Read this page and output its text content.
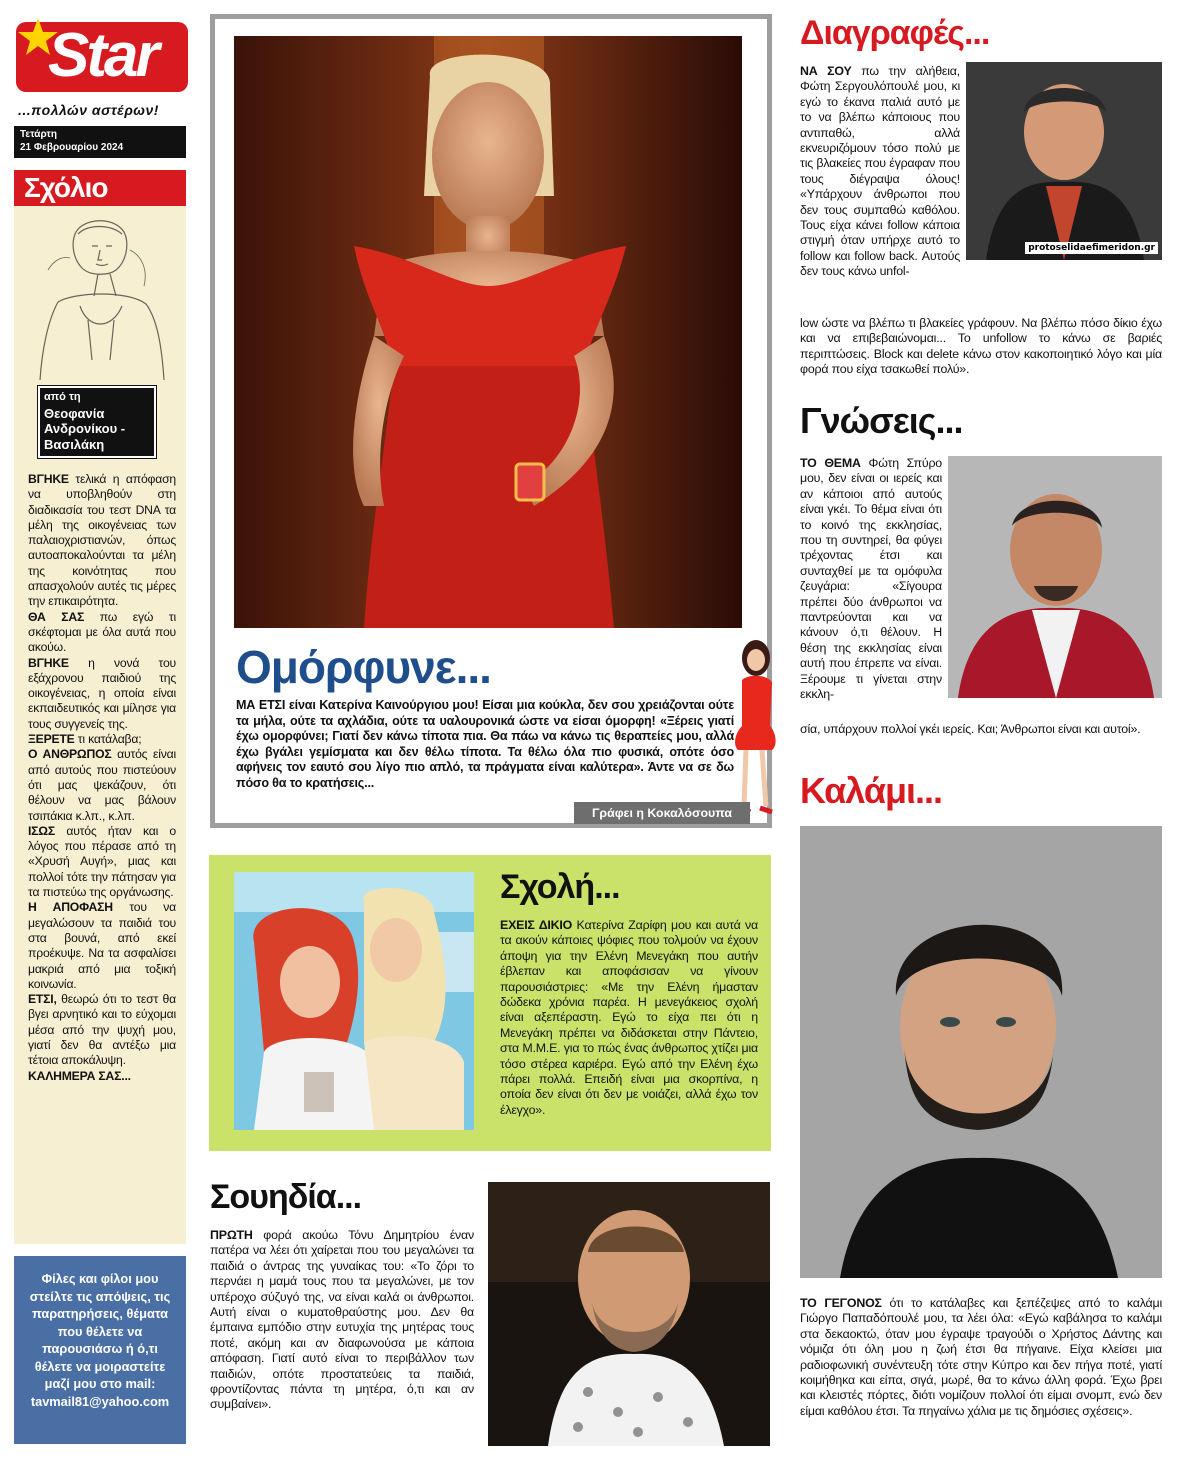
Star
...πολλών αστέρων!
Τετάρτη
21 Φεβρουαρίου 2024
Σχόλιο
από τη
Θεοφανία Ανδρονίκου - Βασιλάκη

ΒΓΗΚΕ τελικά η απόφαση να υποβληθούν στη διαδικασία του τεστ DNA τα μέλη της οικογένειας των παλαιοχριστιανών, όπως αυτοαποκαλούνται τα μέλη της κοινότητας που απασχολούν αυτές τις μέρες την επικαιρότητα.

ΘΑ ΣΑΣ πω εγώ τι σκέφτομαι με όλα αυτά που ακούω.

ΒΓΗΚΕ η νονά του εξάχρονου παιδιού της οικογένειας, η οποία είναι εκπαιδευτικός και μίλησε για τους συγγενείς της.

ΞΕΡΕΤΕ τι κατάλαβα;

Ο ΑΝΘΡΩΠΟΣ αυτός είναι από αυτούς που πιστεύουν ότι μας ψεκάζουν, ότι θέλουν να μας βάλουν τσιπάκια κ.λπ., κ.λπ.

ΙΣΩΣ αυτός ήταν και ο λόγος που πέρασε από τη «Χρυσή Αυγή», μιας και πολλοί τότε την πάτησαν για τα πιστεύω της οργάνωσης.

Η ΑΠΟΦΑΣΗ του να μεγαλώσουν τα παιδιά του στα βουνά, από εκεί προέκυψε. Να τα ασφαλίσει μακριά από μια τοξική κοινωνία.

ΕΤΣΙ, θεωρώ ότι το τεστ θα βγει αρνητικό και το εύχομαι μέσα από την ψυχή μου, γιατί δεν θα αντέξω μια τέτοια αποκάλυψη.

ΚΑΛΗΜΕΡΑ ΣΑΣ...

Φίλες και φίλοι μου στείλτε τις απόψεις, τις παρατηρήσεις, θέματα που θέλετε να παρουσιάσω ή ό,τι θέλετε να μοιραστείτε μαζί μου στο mail:
tavmail81@yahoo.com
Ομόρφυνε...
ΜΑ ΕΤΣΙ είναι Κατερίνα Καινούργιου μου! Είσαι μια κούκλα, δεν σου χρειάζονται ούτε τα μήλα, ούτε τα αχλάδια, ούτε τα υαλουρονικά ώστε να είσαι όμορφη! «Ξέρεις γιατί έχω ομορφύνει; Γιατί δεν κάνω τίποτα πια. Θα πάω να κάνω τις θεραπείες μου, αλλά έχω βγάλει γεμίσματα και δεν θέλω τίποτα. Τα θέλω όλα πιο φυσικά, οπότε όσο αφήνεις τον εαυτό σου λίγο πιο απλό, τα πράγματα είναι καλύτερα». Άντε να σε δω πόσο θα το κρατήσεις...
Γράφει η Κοκαλόσουπα
Σχολή...
ΕΧΕΙΣ ΔΙΚΙΟ Κατερίνα Ζαρίφη μου και αυτά να τα ακούν κάποιες ψόφιες που τολμούν να έχουν άποψη για την Ελένη Μενεγάκη που αυτήν έβλεπαν και αποφάσισαν να γίνουν παρουσιάστριες: «Με την Ελένη ήμασταν δώδεκα χρόνια παρέα. Η μενεγάκειος σχολή είναι αξεπέραστη. Εγώ το είχα πει ότι η Μενεγάκη πρέπει να διδάσκεται στην Πάντειο, στα Μ.Μ.Ε. για το πώς ένας άνθρωπος χτίζει μια τόσο στέρεα καριέρα. Εγώ από την Ελένη έχω πάρει πολλά. Επειδή είναι μια σκορπίνα, η οποία δεν είναι ότι δεν με νοιάζει, αλλά έχω τον έλεγχο».
Σουηδία...
ΠΡΩΤΗ φορά ακούω Τόνυ Δημητρίου έναν πατέρα να λέει ότι χαίρεται που του μεγαλώνει τα παιδιά ο άντρας της γυναίκας του: «Το ζόρι το περνάει η μαμά τους που τα μεγαλώνει, με τον υπέροχο σύζυγό της, να είναι καλά οι άνθρωποι. Αυτή είναι ο κυματοθραύστης μου. Δεν θα έμπαινα εμπόδιο στην ευτυχία της μητέρας τους ποτέ, ακόμη και αν διαφωνούσα με κάποια απόφαση. Γιατί αυτό είναι το περιβάλλον των παιδιών, οπότε προστατεύεις τα παιδιά, φροντίζοντας πάντα τη μητέρα, ό,τι και αν συμβαίνει».
Διαγραφές...
protoselidaefimeridon.gr
ΝΑ ΣΟΥ πω την αλήθεια, Φώτη Σεργουλόπουλέ μου, κι εγώ το έκανα παλιά αυτό με το να βλέπω κάποιους που αντιπαθώ, αλλά εκνευριζόμουν τόσο πολύ με τις βλακείες που έγραφαν που τους διέγραψα όλους! «Υπάρχουν άνθρωποι που δεν τους συμπαθώ καθόλου. Τους είχα κάνει follow κάποια στιγμή όταν υπήρχε αυτό το follow και follow back. Αυτούς δεν τους κάνω unfol-
low ώστε να βλέπω τι βλακείες γράφουν. Να βλέπω πόσο δίκιο έχω και να επιβεβαιώνομαι... Το unfollow το κάνω σε βαριές περιπτώσεις. Block και delete κάνω στον κακοποιητικό λόγο και μία φορά που είχα τσακωθεί πολύ».
Γνώσεις...
ΤΟ ΘΕΜΑ Φώτη Σπύρο μου, δεν είναι οι ιερείς και αν κάποιοι από αυτούς είναι γκέι. Το θέμα είναι ότι το κοινό της εκκλησίας, που τη συντηρεί, θα φύγει τρέχοντας έτσι και συνταχθεί με τα ομόφυλα ζευγάρια: «Σίγουρα πρέπει δύο άνθρωποι να παντρεύονται και να κάνουν ό,τι θέλουν. Η θέση της εκκλησίας είναι αυτή που έπρεπε να είναι. Ξέρουμε τι γίνεται στην εκκλη-
σία, υπάρχουν πολλοί γκέι ιερείς. Και; Άνθρωποι είναι και αυτοί».
Καλάμι...
ΤΟ ΓΕΓΟΝΟΣ ότι το κατάλαβες και ξεπέζεψες από το καλάμι Γιώργο Παπαδόπουλέ μου, τα λέει όλα: «Εγώ καβάλησα το καλάμι στα δεκαοκτώ, όταν μου έγραψε τραγούδι ο Χρήστος Δάντης και νόμιζα ότι όλη μου η ζωή έτσι θα πήγαινε. Είχα κλείσει μια ραδιοφωνική συνέντευξη τότε στην Κύπρο και δεν πήγα ποτέ, γιατί κοιμήθηκα και είπα, σιγά, μωρέ, θα το κάνω άλλη φορά. Έχω βρει και κλειστές πόρτες, διότι νομίζουν πολλοί ότι είμαι σνομπ, ενώ δεν είμαι καθόλου έτσι. Τα πηγαίνω χάλια με τις δημόσιες σχέσεις».
